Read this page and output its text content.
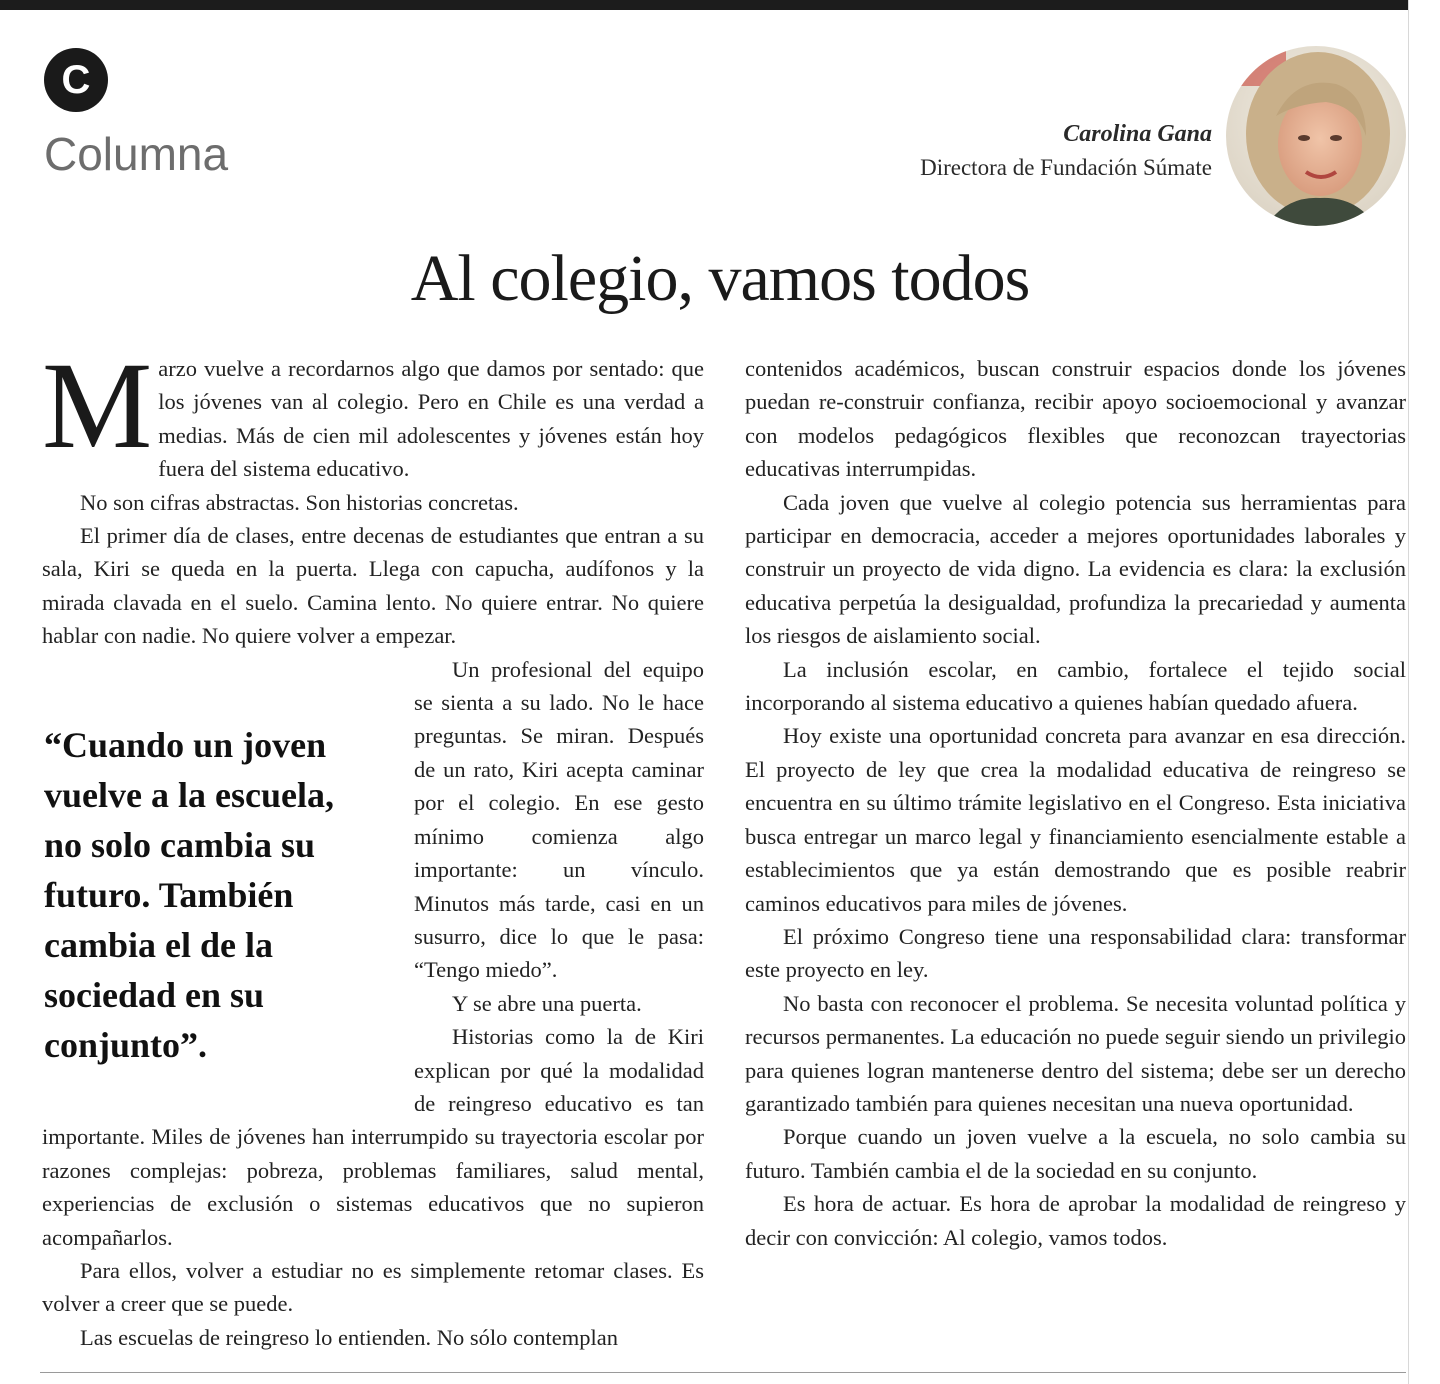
C
Columna	Carolina Gana
Directora de Fundación Súmate
Al colegio, vamos todos

Marzo vuelve a recordarnos algo que damos por sentado: que los jóvenes van al colegio. Pero en Chile es una verdad a medias. Más de cien mil adolescentes y jóvenes están hoy fuera del sistema educativo.

No son cifras abstractas. Son historias concretas.

El primer día de clases, entre decenas de estudiantes que entran a su sala, Kiri se queda en la puerta. Llega con capucha, audífonos y la mirada clavada en el suelo. Camina lento. No quiere entrar. No quiere hablar con nadie. No quiere volver a empezar.

Un profesional del equipo se sienta a su lado. No le hace preguntas. Se miran. Después de un rato, Kiri acepta caminar por el colegio. En ese gesto mínimo comienza algo importante: un vínculo. Minutos más tarde, casi en un susurro, dice lo que le pasa: “Tengo miedo”.

Y se abre una puerta.

Historias como la de Kiri explican por qué la modalidad de reingreso educativo es tan importante. Miles de jóvenes han interrumpido su trayectoria escolar por razones complejas: pobreza, problemas familiares, salud mental, experiencias de exclusión o sistemas educativos que no supieron acompañarlos.

Para ellos, volver a estudiar no es simplemente retomar clases. Es volver a creer que se puede.

Las escuelas de reingreso lo entienden. No sólo contemplan

“Cuando un joven vuelve a la escuela, no solo cambia su futuro. También cambia el de la sociedad en su conjunto”.

contenidos académicos, buscan construir espacios donde los jóvenes puedan re-construir confianza, recibir apoyo socioemocional y avanzar con modelos pedagógicos flexibles que reconozcan trayectorias educativas interrumpidas.

Cada joven que vuelve al colegio potencia sus herramientas para participar en democracia, acceder a mejores oportunidades laborales y construir un proyecto de vida digno. La evidencia es clara: la exclusión educativa perpetúa la desigualdad, profundiza la precariedad y aumenta los riesgos de aislamiento social.

La inclusión escolar, en cambio, fortalece el tejido social incorporando al sistema educativo a quienes habían quedado afuera.

Hoy existe una oportunidad concreta para avanzar en esa dirección. El proyecto de ley que crea la modalidad educativa de reingreso se encuentra en su último trámite legislativo en el Congreso. Esta iniciativa busca entregar un marco legal y financiamiento esencialmente estable a establecimientos que ya están demostrando que es posible reabrir caminos educativos para miles de jóvenes.

El próximo Congreso tiene una responsabilidad clara: transformar este proyecto en ley.

No basta con reconocer el problema. Se necesita voluntad política y recursos permanentes. La educación no puede seguir siendo un privilegio para quienes logran mantenerse dentro del sistema; debe ser un derecho garantizado también para quienes necesitan una nueva oportunidad.

Porque cuando un joven vuelve a la escuela, no solo cambia su futuro. También cambia el de la sociedad en su conjunto.

Es hora de actuar. Es hora de aprobar la modalidad de reingreso y decir con convicción: Al colegio, vamos todos.
